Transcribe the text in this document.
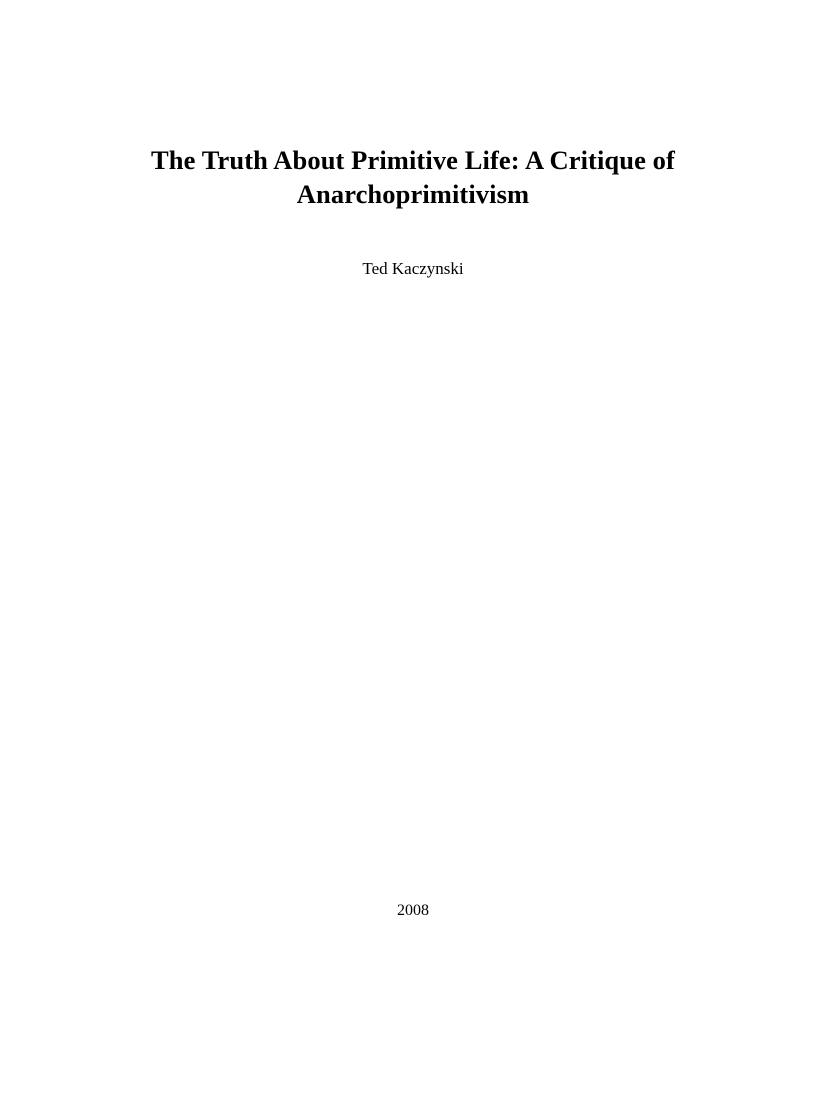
The Truth About Primitive Life: A Critique of Anarchoprimitivism

Ted Kaczynski

2008
